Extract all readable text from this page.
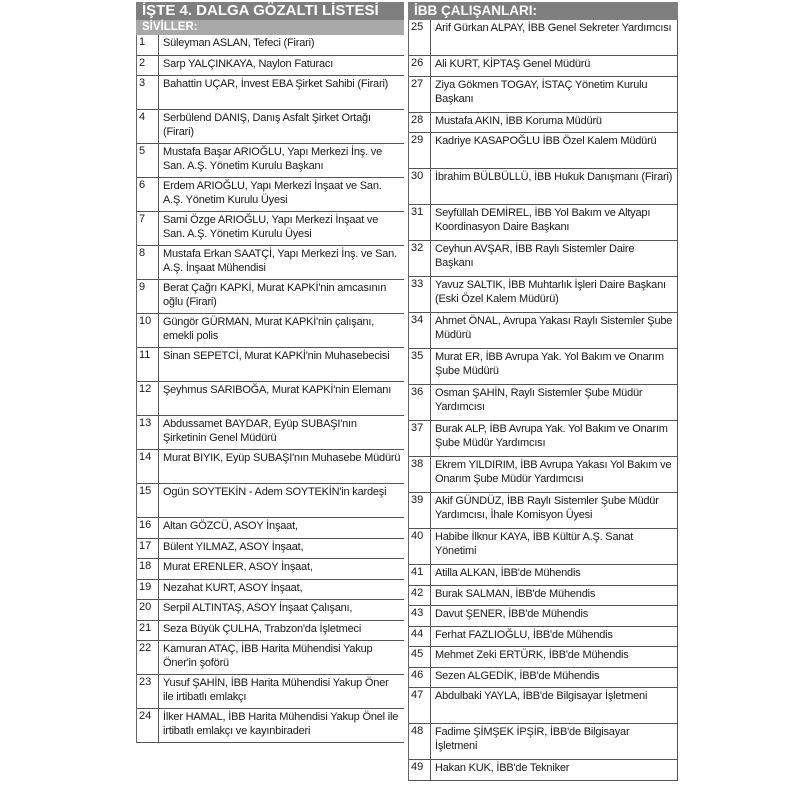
İŞTE 4. DALGA GÖZALTI LİSTESİ
SİVİLLER:
1	Süleyman ASLAN, Tefeci (Firari)
2	Sarp YALÇINKAYA, Naylon Faturacı
3	Bahattin UÇAR, İnvest EBA Şirket Sahibi (Firari)
4	Serbülend DANIŞ, Danış Asfalt Şirket Ortağı (Firari)
5	Mustafa Başar ARIOĞLU, Yapı Merkezi İnş. ve San. A.Ş. Yönetim Kurulu Başkanı
6	Erdem ARIOĞLU, Yapı Merkezi İnşaat ve San. A.Ş. Yönetim Kurulu Üyesi
7	Sami Özge ARIOĞLU, Yapı Merkezi İnşaat ve San. A.Ş. Yönetim Kurulu Üyesi
8	Mustafa Erkan SAATÇİ, Yapı Merkezi İnş. ve San. A.Ş. İnşaat Mühendisi
9	Berat Çağrı KAPKİ, Murat KAPKİ'nin amcasının oğlu (Firari)
10	Güngör GÜRMAN, Murat KAPKİ'nin çalışanı, emekli polis
11	Sinan SEPETCİ, Murat KAPKİ'nin Muhasebecisi
12	Şeyhmus SARIBOĞA, Murat KAPKİ'nin Elemanı
13	Abdussamet BAYDAR, Eyüp SUBAŞI'nın Şirketinin Genel Müdürü
14	Murat BIYIK, Eyüp SUBAŞI'nın Muhasebe Müdürü
15	Ogün SOYTEKİN - Adem SOYTEKİN'in kardeşi
16	Altan GÖZCÜ, ASOY İnşaat,
17	Bülent YILMAZ, ASOY İnşaat,
18	Murat ERENLER, ASOY İnşaat,
19	Nezahat KURT, ASOY İnşaat,
20	Serpil ALTINTAŞ, ASOY İnşaat Çalışanı,
21	Seza Büyük ÇULHA, Trabzon'da İşletmeci
22	Kamuran ATAÇ, İBB Harita Mühendisi Yakup Öner'in şoförü
23	Yusuf ŞAHİN, İBB Harita Mühendisi Yakup Öner ile irtibatlı emlakçı
24	İlker HAMAL, İBB Harita Mühendisi Yakup Önel ile irtibatlı emlakçı ve kayınbiraderi
İBB ÇALIŞANLARI:
25	Arif Gürkan ALPAY, İBB Genel Sekreter Yardımcısı
26	Ali KURT, KİPTAŞ Genel Müdürü
27	Ziya Gökmen TOGAY, İSTAÇ Yönetim Kurulu Başkanı
28	Mustafa AKIN, İBB Koruma Müdürü
29	Kadriye KASAPOĞLU İBB Özel Kalem Müdürü
30	İbrahim BÜLBÜLLÜ, İBB Hukuk Danışmanı (Firari)
31	Seyfüllah DEMİREL, İBB Yol Bakım ve Altyapı Koordinasyon Daire Başkanı
32	Ceyhun AVŞAR, İBB Raylı Sistemler Daire Başkanı
33	Yavuz SALTIK, İBB Muhtarlık İşleri Daire Başkanı (Eski Özel Kalem Müdürü)
34	Ahmet ÖNAL, Avrupa Yakası Raylı Sistemler Şube Müdürü
35	Murat ER, İBB Avrupa Yak. Yol Bakım ve Onarım Şube Müdürü
36	Osman ŞAHİN, Raylı Sistemler Şube Müdür Yardımcısı
37	Burak ALP, İBB Avrupa Yak. Yol Bakım ve Onarım Şube Müdür Yardımcısı
38	Ekrem YILDIRIM, İBB Avrupa Yakası Yol Bakım ve Onarım Şube Müdür Yardımcısı
39	Akif GÜNDÜZ, İBB Raylı Sistemler Şube Müdür Yardımcısı, İhale Komisyon Üyesi
40	Habibe İlknur KAYA, İBB Kültür A.Ş. Sanat Yönetimi
41	Atilla ALKAN, İBB'de Mühendis
42	Burak SALMAN, İBB'de Mühendis
43	Davut ŞENER, İBB'de Mühendis
44	Ferhat FAZLIOĞLU, İBB'de Mühendis
45	Mehmet Zeki ERTÜRK, İBB'de Mühendis
46	Sezen ALGEDİK, İBB'de Mühendis
47	Abdulbaki YAYLA, İBB'de Bilgisayar İşletmeni
48	Fadime ŞİMŞEK İPŞİR, İBB'de Bilgisayar İşletmeni
49	Hakan KUK, İBB'de Tekniker
